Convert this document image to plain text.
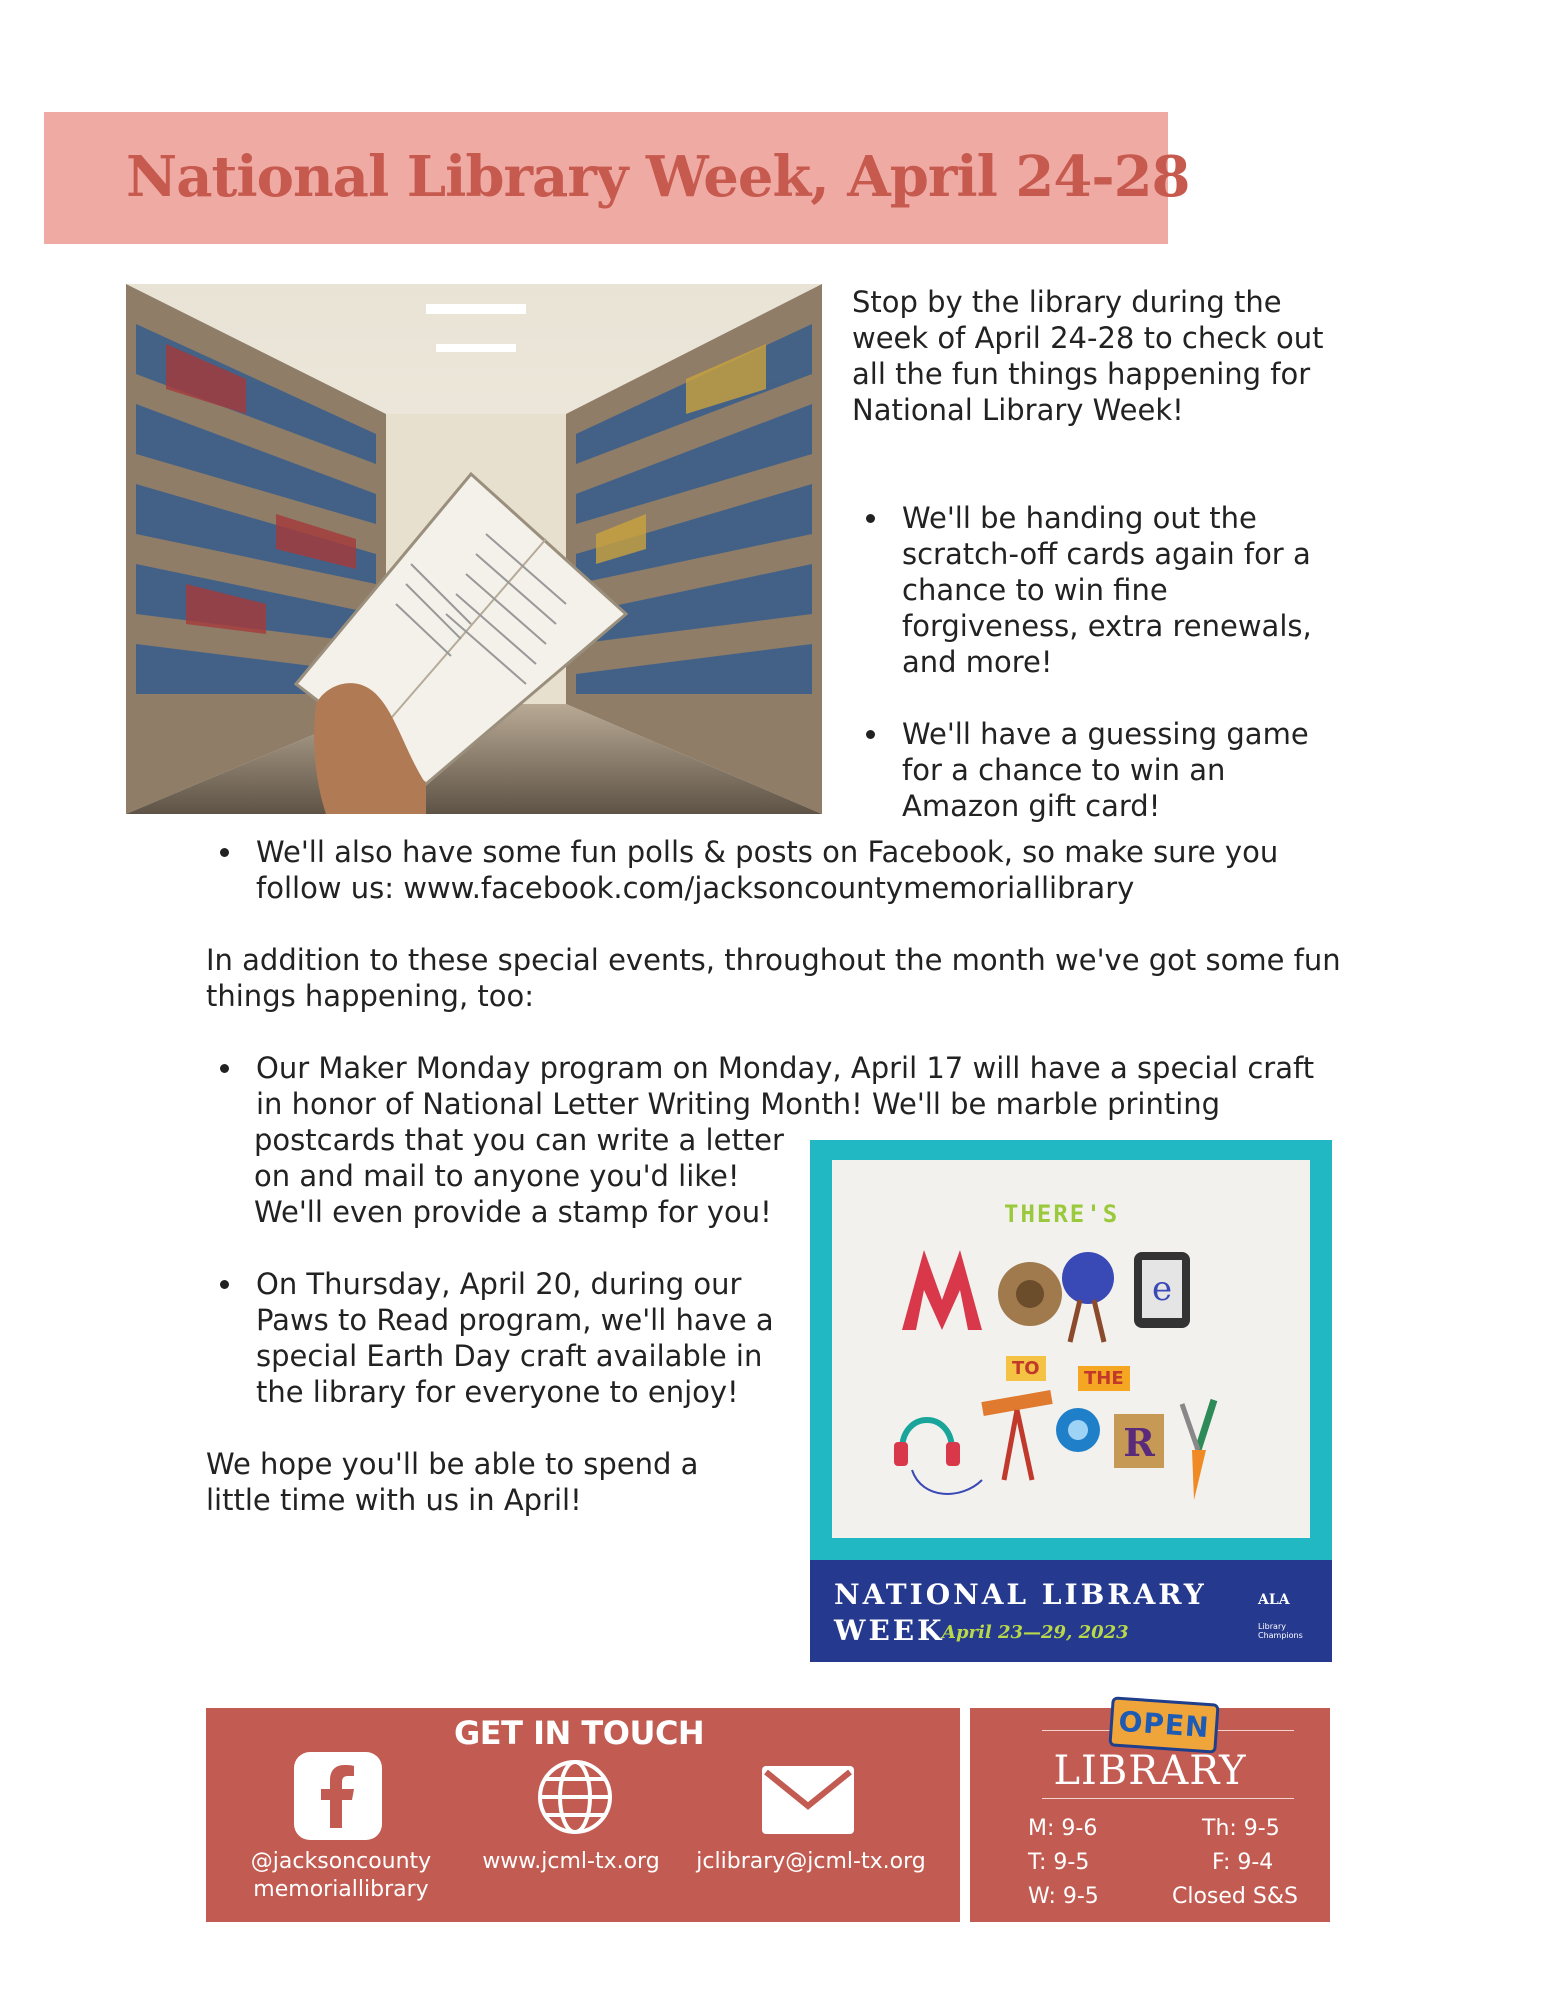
National Library Week, April 24-28
Stop by the library during the week of April 24-28 to check out all the fun things happening for National Library Week!
We'll be handing out the scratch-off cards again for a chance to win fine forgiveness, extra renewals, and more!
We'll have a guessing game for a chance to win an Amazon gift card!
We'll also have some fun polls & posts on Facebook, so make sure you follow us: www.facebook.com/jacksoncountymemoriallibrary
In addition to these special events, throughout the month we've got some fun things happening, too:
Our Maker Monday program on Monday, April 17 will have a special craft in honor of National Letter Writing Month! We'll be marble printing
postcards that you can write a letter on and mail to anyone you'd like! We'll even provide a stamp for you!
On Thursday, April 20, during our Paws to Read program, we'll have a special Earth Day craft available in the library for everyone to enjoy!
We hope you'll be able to spend a little time with us in April!
THERE'S
e
R
TO	THE
NATIONAL LIBRARY
WEEK
April 23—29, 2023
ALA
Library Champions
GET IN TOUCH
@jacksoncounty
memoriallibrary
www.jcml-tx.org	jclibrary@jcml-tx.org
OPEN
LIBRARY
M: 9-6
T: 9-5
W: 9-5
Th: 9-5
F: 9-4
Closed S&S
